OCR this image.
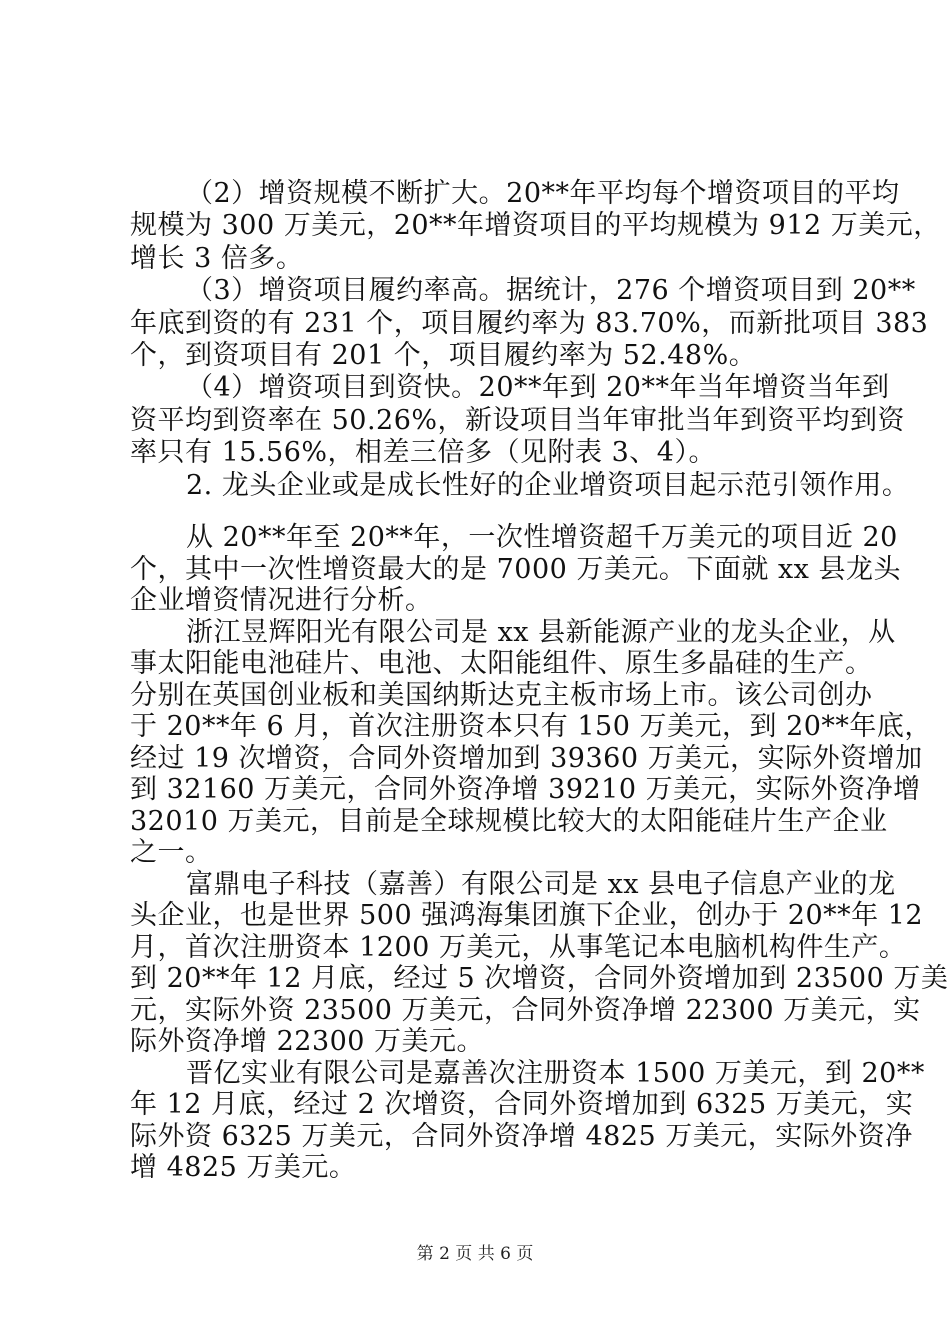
（2）增资规模不断扩大。20**年平均每个增资项目的平均
规模为 300 万美元，20**年增资项目的平均规模为 912 万美元，
增长 3 倍多。
（3）增资项目履约率高。据统计，276 个增资项目到 20**
年底到资的有 231 个，项目履约率为 83.70%，而新批项目 383
个，到资项目有 201 个，项目履约率为 52.48%。
（4）增资项目到资快。20**年到 20**年当年增资当年到
资平均到资率在 50.26%，新设项目当年审批当年到资平均到资
率只有 15.56%，相差三倍多（见附表 3、4）。
2. 龙头企业或是成长性好的企业增资项目起示范引领作用。
从 20**年至 20**年，一次性增资超千万美元的项目近 20
个，其中一次性增资最大的是 7000 万美元。下面就 xx 县龙头
企业增资情况进行分析。
浙江昱辉阳光有限公司是 xx 县新能源产业的龙头企业，从
事太阳能电池硅片、电池、太阳能组件、原生多晶硅的生产。
分别在英国创业板和美国纳斯达克主板市场上市。该公司创办
于 20**年 6 月，首次注册资本只有 150 万美元，到 20**年底，
经过 19 次增资，合同外资增加到 39360 万美元，实际外资增加
到 32160 万美元，合同外资净增 39210 万美元，实际外资净增
32010 万美元，目前是全球规模比较大的太阳能硅片生产企业
之一。
富鼎电子科技（嘉善）有限公司是 xx 县电子信息产业的龙
头企业，也是世界 500 强鸿海集团旗下企业，创办于 20**年 12
月，首次注册资本 1200 万美元，从事笔记本电脑机构件生产。
到 20**年 12 月底，经过 5 次增资，合同外资增加到 23500 万美
元，实际外资 23500 万美元，合同外资净增 22300 万美元，实
际外资净增 22300 万美元。
晋亿实业有限公司是嘉善次注册资本 1500 万美元，到 20**
年 12 月底，经过 2 次增资，合同外资增加到 6325 万美元，实
际外资 6325 万美元，合同外资净增 4825 万美元，实际外资净
增 4825 万美元。
第 2 页 共 6 页
